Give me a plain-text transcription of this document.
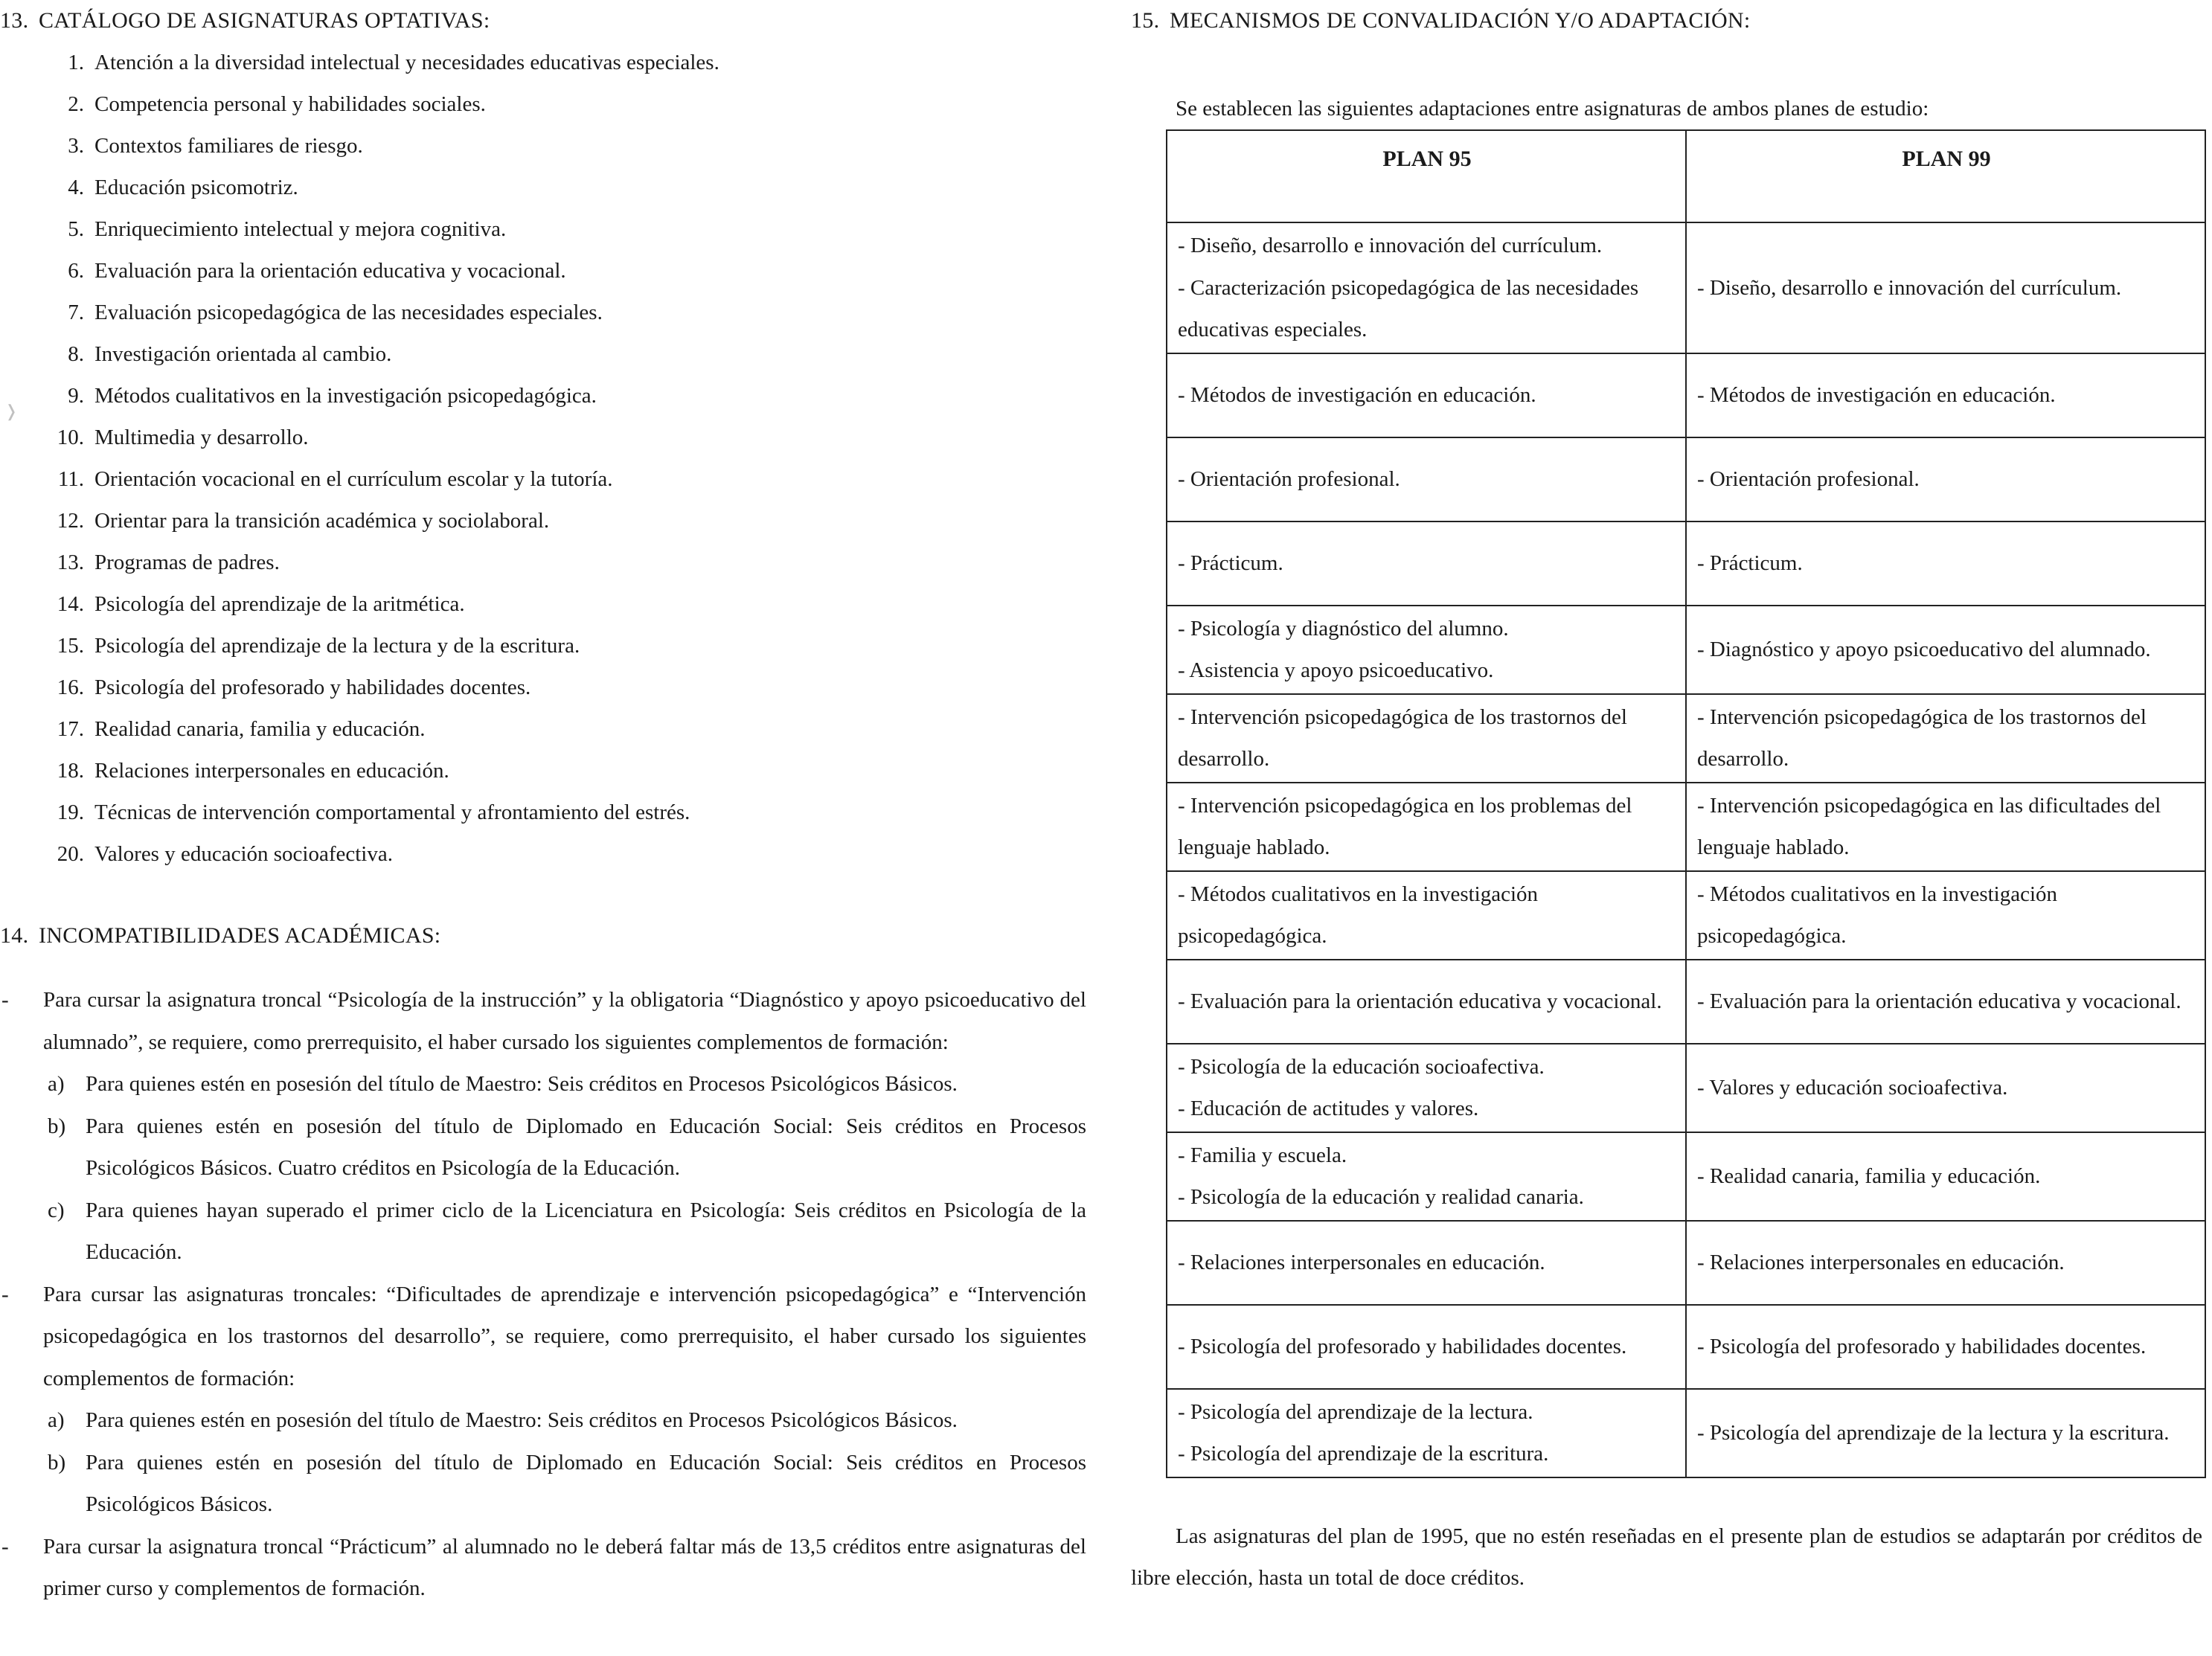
13. CATÁLOGO DE ASIGNATURAS OPTATIVAS:
1. Atención a la diversidad intelectual y necesidades educativas especiales.
2. Competencia personal y habilidades sociales.
3. Contextos familiares de riesgo.
4. Educación psicomotriz.
5. Enriquecimiento intelectual y mejora cognitiva.
6. Evaluación para la orientación educativa y vocacional.
7. Evaluación psicopedagógica de las necesidades especiales.
8. Investigación orientada al cambio.
9. Métodos cualitativos en la investigación psicopedagógica.
10. Multimedia y desarrollo.
11. Orientación vocacional en el currículum escolar y la tutoría.
12. Orientar para la transición académica y sociolaboral.
13. Programas de padres.
14. Psicología del aprendizaje de la aritmética.
15. Psicología del aprendizaje de la lectura y de la escritura.
16. Psicología del profesorado y habilidades docentes.
17. Realidad canaria, familia y educación.
18. Relaciones interpersonales en educación.
19. Técnicas de intervención comportamental y afrontamiento del estrés.
20. Valores y educación socioafectiva.
❭
14. INCOMPATIBILIDADES ACADÉMICAS:
- Para cursar la asignatura troncal “Psicología de la instrucción” y la obligatoria “Diagnóstico y apoyo psicoeducativo del alumnado”, se requiere, como prerrequisito, el haber cursado los siguientes complementos de formación:
a) Para quienes estén en posesión del título de Maestro: Seis créditos en Procesos Psicológicos Básicos.
b) Para quienes estén en posesión del título de Diplomado en Educación Social: Seis créditos en Procesos Psicológicos Básicos. Cuatro créditos en Psicología de la Educación.
c) Para quienes hayan superado el primer ciclo de la Licenciatura en Psicología: Seis créditos en Psicología de la Educación.
- Para cursar las asignaturas troncales: “Dificultades de aprendizaje e intervención psicopedagógica” e “Intervención psicopedagógica en los trastornos del desarrollo”, se requiere, como prerrequisito, el haber cursado los siguientes complementos de formación:
a) Para quienes estén en posesión del título de Maestro: Seis créditos en Procesos Psicológicos Básicos.
b) Para quienes estén en posesión del título de Diplomado en Educación Social: Seis créditos en Procesos Psicológicos Básicos.
- Para cursar la asignatura troncal “Prácticum” al alumnado no le deberá faltar más de 13,5 créditos entre asignaturas del primer curso y complementos de formación.
15. MECANISMOS DE CONVALIDACIÓN Y/O ADAPTACIÓN:

Se establecen las siguientes adaptaciones entre asignaturas de ambos planes de estudio:

PLAN 95	PLAN 99

- Diseño, desarrollo e innovación del currículum.
- Caracterización psicopedagógica de las necesidades educativas especiales.	- Diseño, desarrollo e innovación del currículum.

- Métodos de investigación en educación.	- Métodos de investigación en educación.

- Orientación profesional.	- Orientación profesional.

- Prácticum.	- Prácticum.

- Psicología y diagnóstico del alumno.
- Asistencia y apoyo psicoeducativo.	- Diagnóstico y apoyo psicoeducativo del alumnado.

- Intervención psicopedagógica de los trastornos del desarrollo.	- Intervención psicopedagógica de los trastornos del desarrollo.

- Intervención psicopedagógica en los problemas del lenguaje hablado.	- Intervención psicopedagógica en las dificultades del lenguaje hablado.

- Métodos cualitativos en la investigación psicopedagógica.	- Métodos cualitativos en la investigación psicopedagógica.

- Evaluación para la orientación educativa y vocacional.	- Evaluación para la orientación educativa y vocacional.

- Psicología de la educación socioafectiva.
- Educación de actitudes y valores.	- Valores y educación socioafectiva.

- Familia y escuela.
- Psicología de la educación y realidad canaria.	- Realidad canaria, familia y educación.

- Relaciones interpersonales en educación.	- Relaciones interpersonales en educación.

- Psicología del profesorado y habilidades docentes.	- Psicología del profesorado y habilidades docentes.

- Psicología del aprendizaje de la lectura.
- Psicología del aprendizaje de la escritura.	- Psicología del aprendizaje de la lectura y la escritura.

Las asignaturas del plan de 1995, que no estén reseñadas en el presente plan de estudios se adaptarán por créditos de libre elección, hasta un total de doce créditos.
